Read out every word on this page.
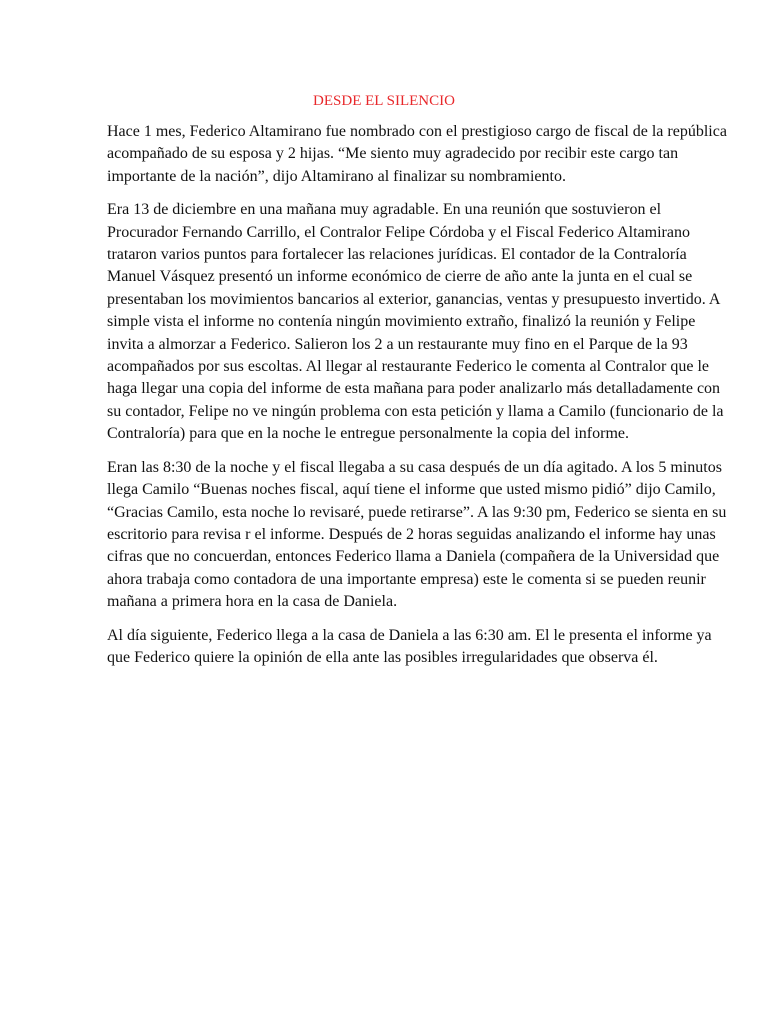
DESDE EL SILENCIO

Hace 1 mes, Federico Altamirano fue nombrado con el prestigioso cargo de fiscal de la república acompañado de su esposa y 2 hijas. “Me siento muy agradecido por recibir este cargo tan importante de la nación”, dijo Altamirano al finalizar su nombramiento.

Era 13 de diciembre en una mañana muy agradable. En una reunión que sostuvieron el Procurador Fernando Carrillo, el Contralor Felipe Córdoba y el Fiscal Federico Altamirano trataron varios puntos para fortalecer las relaciones jurídicas. El contador de la Contraloría Manuel Vásquez presentó un informe económico de cierre de año ante la junta en el cual se presentaban los movimientos bancarios al exterior, ganancias, ventas y presupuesto invertido. A simple vista el informe no contenía ningún movimiento extraño, finalizó la reunión y Felipe invita a almorzar a Federico. Salieron los 2 a un restaurante muy fino en el Parque de la 93 acompañados por sus escoltas. Al llegar al restaurante Federico le comenta al Contralor que le haga llegar una copia del informe de esta mañana para poder analizarlo más detalladamente con su contador, Felipe no ve ningún problema con esta petición y llama a Camilo (funcionario de la Contraloría) para que en la noche le entregue personalmente la copia del informe.

Eran las 8:30 de la noche y el fiscal llegaba a su casa después de un día agitado. A los 5 minutos llega Camilo “Buenas noches fiscal, aquí tiene el informe que usted mismo pidió” dijo Camilo, “Gracias Camilo, esta noche lo revisaré, puede retirarse”. A las 9:30 pm, Federico se sienta en su escritorio para revisa r el informe. Después de 2 horas seguidas analizando el informe hay unas cifras que no concuerdan, entonces Federico llama a Daniela (compañera de la Universidad que ahora trabaja como contadora de una importante empresa) este le comenta si se pueden reunir mañana a primera hora en la casa de Daniela.

Al día siguiente, Federico llega a la casa de Daniela a las 6:30 am. El le presenta el informe ya que Federico quiere la opinión de ella ante las posibles irregularidades que observa él.
